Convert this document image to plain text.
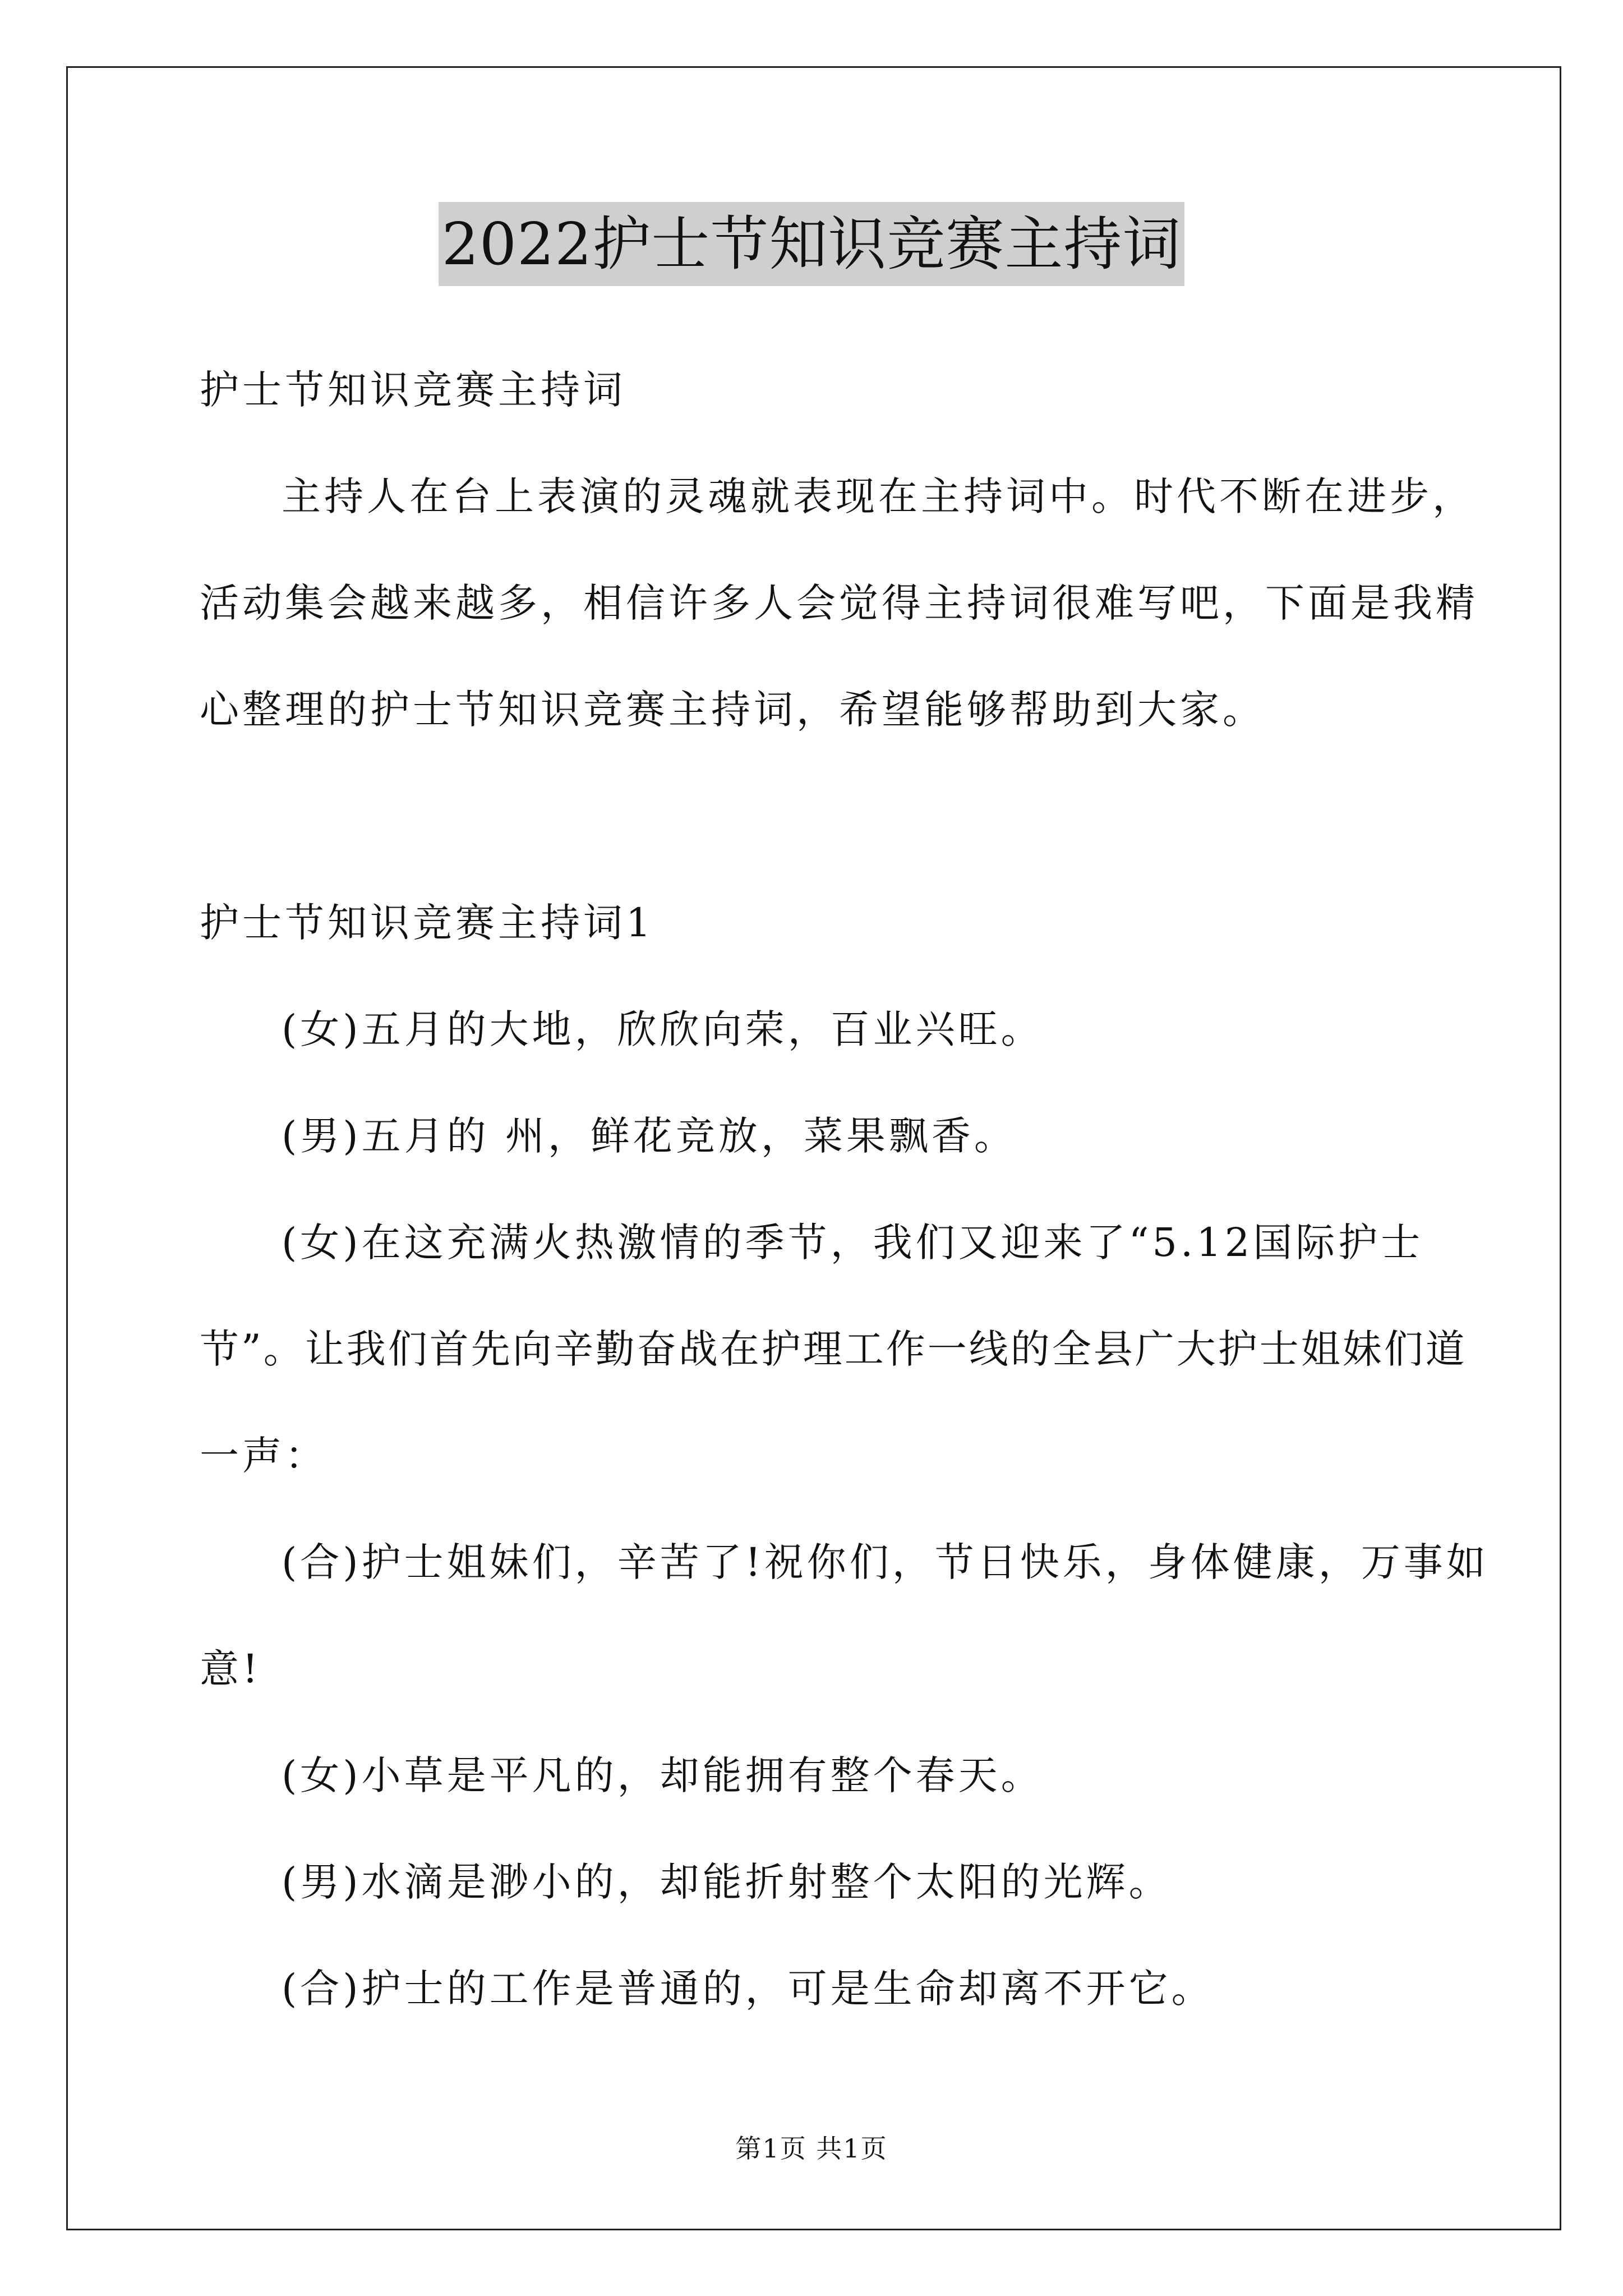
2022护士节知识竞赛主持词

护士节知识竞赛主持词

主持人在台上表演的灵魂就表现在主持词中。时代不断在进步，

活动集会越来越多，相信许多人会觉得主持词很难写吧，下面是我精

心整理的护士节知识竞赛主持词，希望能够帮助到大家。

护士节知识竞赛主持词1

(女)五月的大地，欣欣向荣，百业兴旺。

(男)五月的 州，鲜花竞放，菜果飘香。

(女)在这充满火热激情的季节，我们又迎来了“5.12国际护士

节”。让我们首先向辛勤奋战在护理工作一线的全县广大护士姐妹们道

一声：

(合)护士姐妹们，辛苦了!祝你们，节日快乐，身体健康，万事如

意!

(女)小草是平凡的，却能拥有整个春天。

(男)水滴是渺小的，却能折射整个太阳的光辉。

(合)护士的工作是普通的，可是生命却离不开它。

第1页 共1页
